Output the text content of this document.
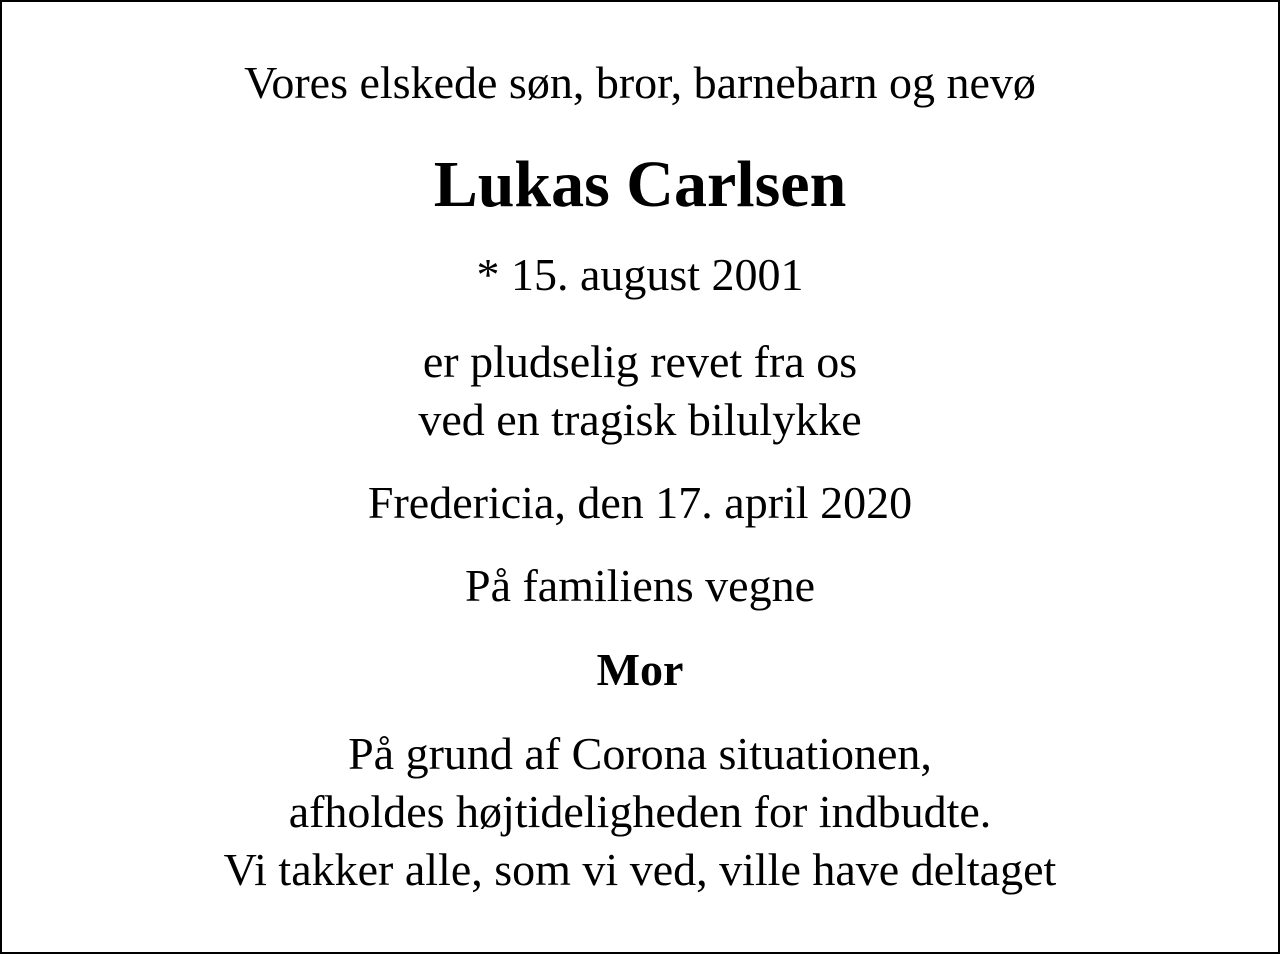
Vores elskede søn, bror, barnebarn og nevø
Lukas Carlsen
* 15. august 2001
er pludselig revet fra os
ved en tragisk bilulykke
Fredericia, den 17. april 2020
På familiens vegne
Mor
På grund af Corona situationen,
afholdes højtideligheden for indbudte.
Vi takker alle, som vi ved, ville have deltaget
